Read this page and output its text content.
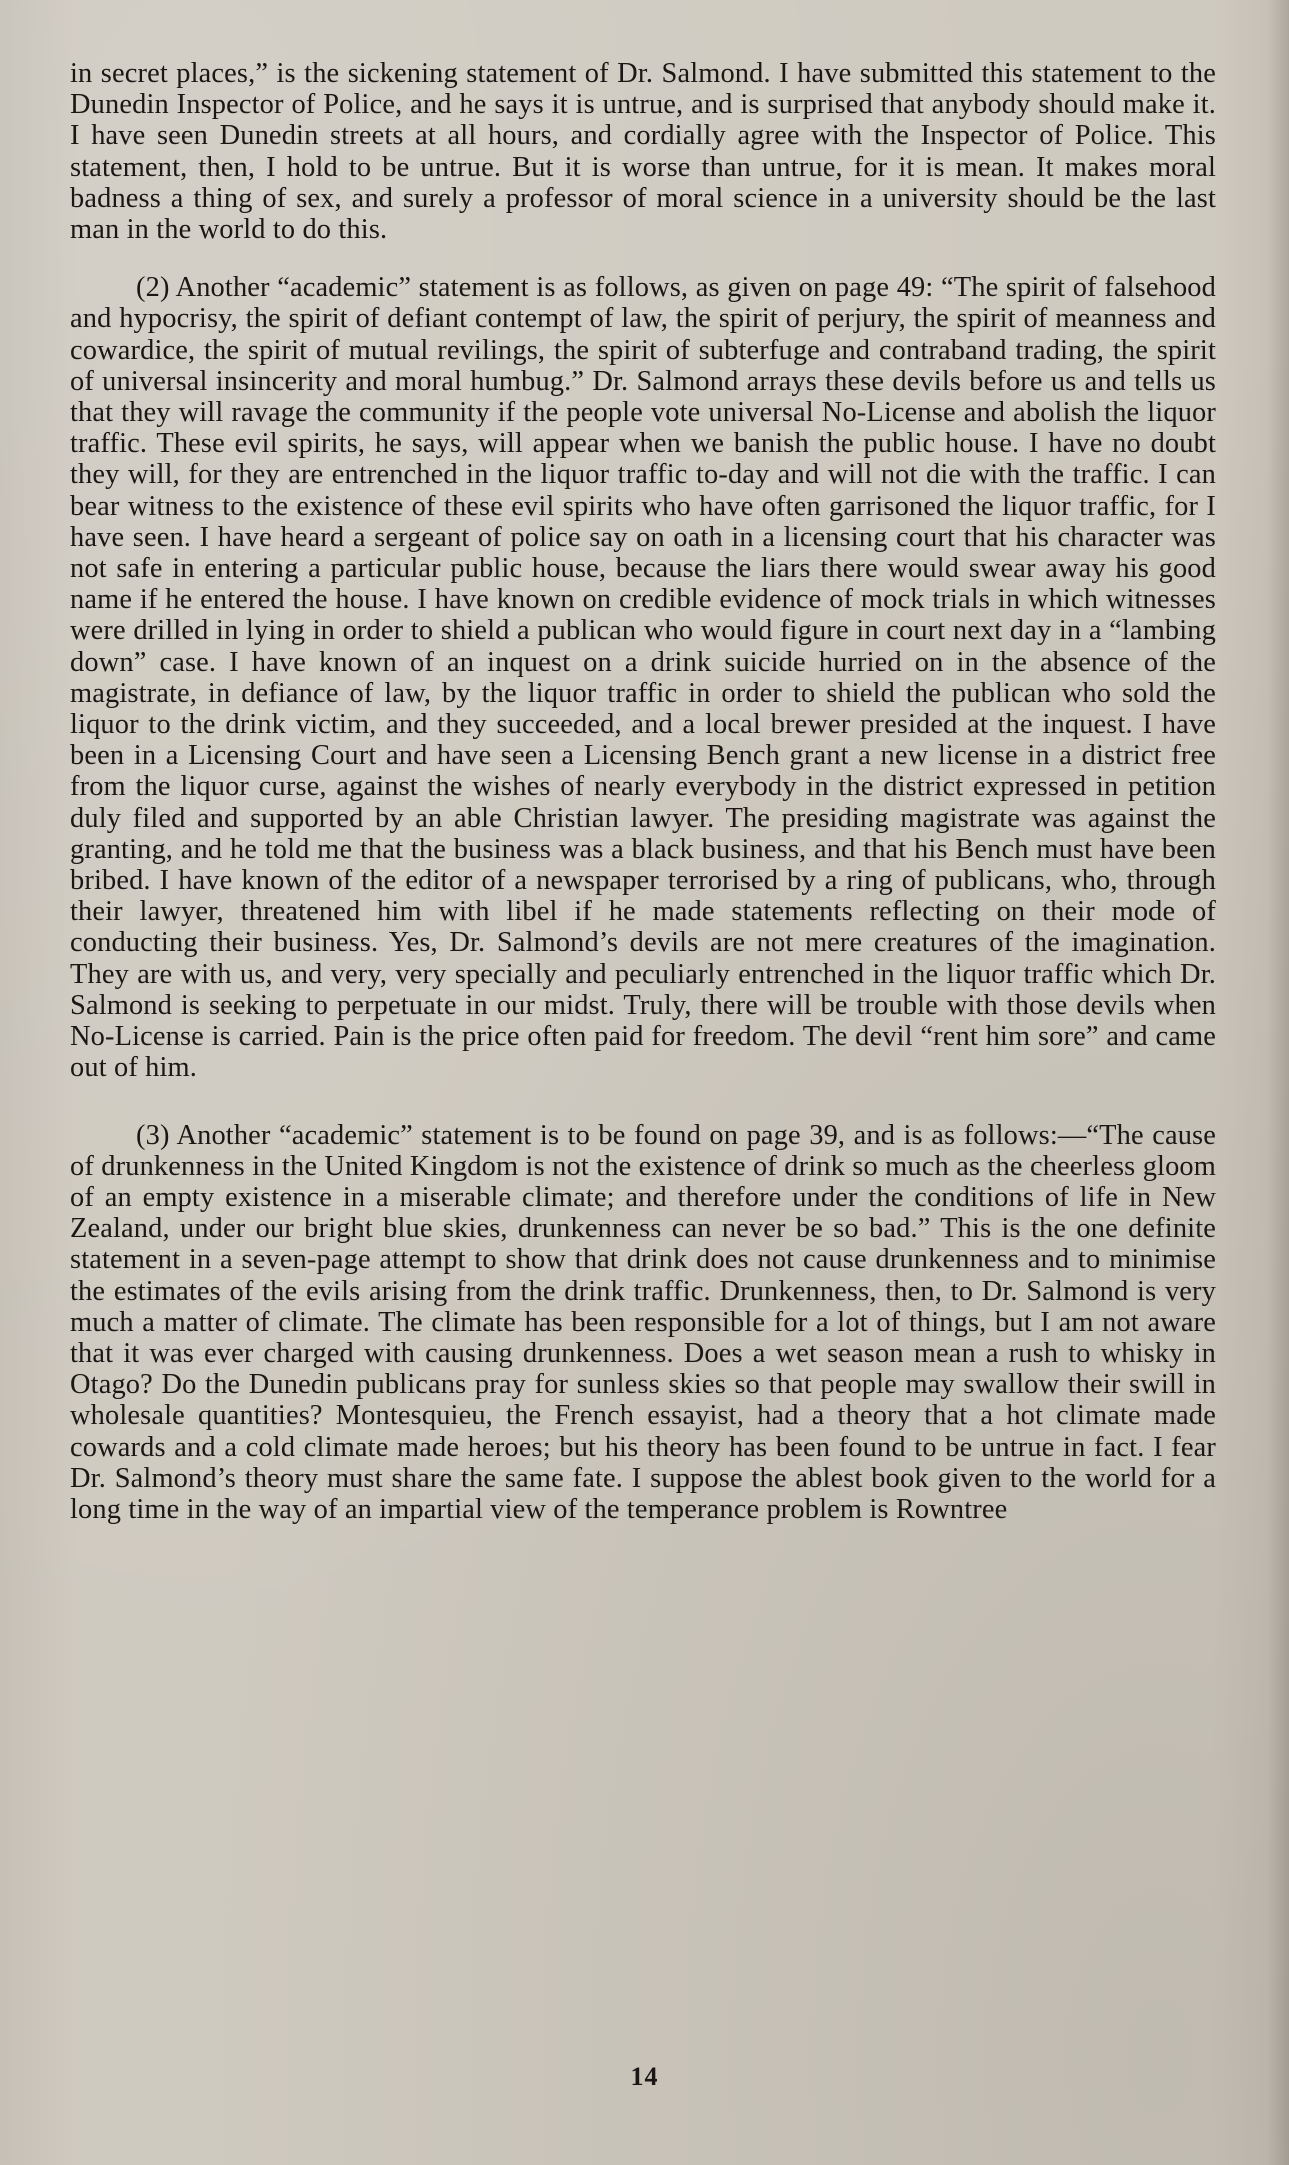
in secret places,” is the sickening statement of Dr. Salmond. I have submitted this statement to the Dunedin Inspector of Police, and he says it is untrue, and is surprised that anybody should make it. I have seen Dunedin streets at all hours, and cordially agree with the Inspector of Police. This statement, then, I hold to be untrue. But it is worse than untrue, for it is mean. It makes moral badness a thing of sex, and surely a professor of moral science in a university should be the last man in the world to do this.

(2) Another “academic” statement is as follows, as given on page 49: “The spirit of falsehood and hypocrisy, the spirit of defiant contempt of law, the spirit of perjury, the spirit of meanness and cowardice, the spirit of mutual revilings, the spirit of subterfuge and contraband trading, the spirit of universal insincerity and moral humbug.” Dr. Salmond arrays these devils before us and tells us that they will ravage the community if the people vote universal No-License and abolish the liquor traffic. These evil spirits, he says, will appear when we banish the public house. I have no doubt they will, for they are entrenched in the liquor traffic to-day and will not die with the traffic. I can bear witness to the existence of these evil spirits who have often garrisoned the liquor traffic, for I have seen. I have heard a sergeant of police say on oath in a licensing court that his character was not safe in entering a particular public house, because the liars there would swear away his good name if he entered the house. I have known on credible evidence of mock trials in which witnesses were drilled in lying in order to shield a publican who would figure in court next day in a “lambing down” case. I have known of an inquest on a drink suicide hurried on in the absence of the magistrate, in defiance of law, by the liquor traffic in order to shield the publican who sold the liquor to the drink victim, and they succeeded, and a local brewer presided at the inquest. I have been in a Licensing Court and have seen a Licensing Bench grant a new license in a district free from the liquor curse, against the wishes of nearly everybody in the district expressed in petition duly filed and supported by an able Christian lawyer. The presiding magistrate was against the granting, and he told me that the business was a black business, and that his Bench must have been bribed. I have known of the editor of a newspaper terrorised by a ring of publicans, who, through their lawyer, threatened him with libel if he made statements reflecting on their mode of conducting their business. Yes, Dr. Salmond’s devils are not mere creatures of the imagination. They are with us, and very, very specially and peculiarly entrenched in the liquor traffic which Dr. Salmond is seeking to perpetuate in our midst. Truly, there will be trouble with those devils when No-License is carried. Pain is the price often paid for freedom. The devil “rent him sore” and came out of him.

(3) Another “academic” statement is to be found on page 39, and is as follows:—“The cause of drunkenness in the United Kingdom is not the existence of drink so much as the cheerless gloom of an empty existence in a miserable climate; and therefore under the conditions of life in New Zealand, under our bright blue skies, drunkenness can never be so bad.” This is the one definite statement in a seven-page attempt to show that drink does not cause drunkenness and to minimise the estimates of the evils arising from the drink traffic. Drunkenness, then, to Dr. Salmond is very much a matter of climate. The climate has been responsible for a lot of things, but I am not aware that it was ever charged with causing drunkenness. Does a wet season mean a rush to whisky in Otago? Do the Dunedin publicans pray for sunless skies so that people may swallow their swill in wholesale quantities? Montesquieu, the French essayist, had a theory that a hot climate made cowards and a cold climate made heroes; but his theory has been found to be untrue in fact. I fear Dr. Salmond’s theory must share the same fate. I suppose the ablest book given to the world for a long time in the way of an impartial view of the temperance problem is Rowntree

14
